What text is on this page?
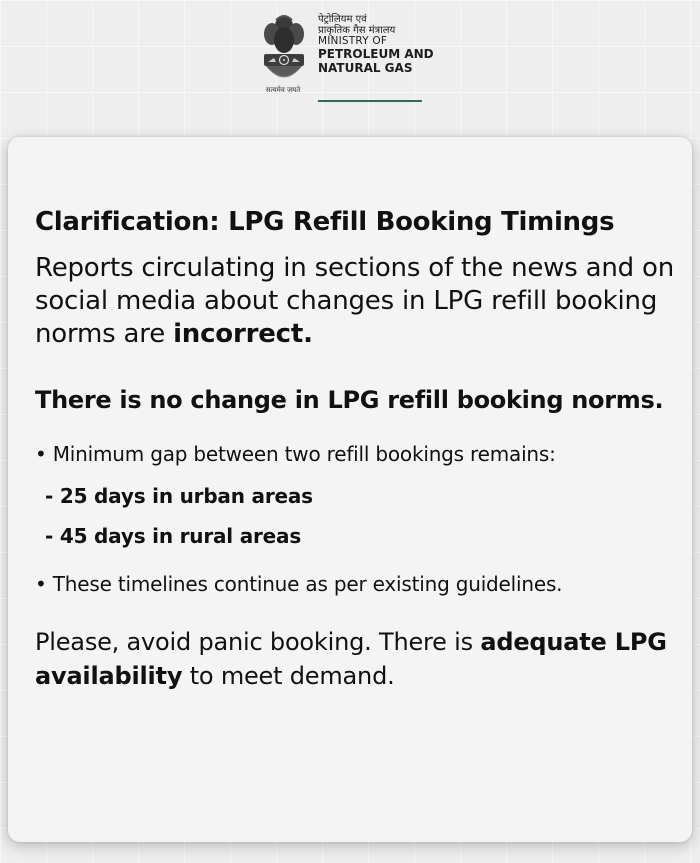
सत्यमेव जयते
पेट्रोलियम एवं
प्राकृतिक गैस मंत्रालय
MINISTRY OF
PETROLEUM AND
NATURAL GAS
Clarification: LPG Refill Booking Timings

Reports circulating in sections of the news and on social media about changes in LPG refill booking norms are incorrect.

There is no change in LPG refill booking norms.

• Minimum gap between two refill bookings remains:

- 25 days in urban areas

- 45 days in rural areas

• These timelines continue as per existing guidelines.

Please, avoid panic booking. There is adequate LPG availability to meet demand.
